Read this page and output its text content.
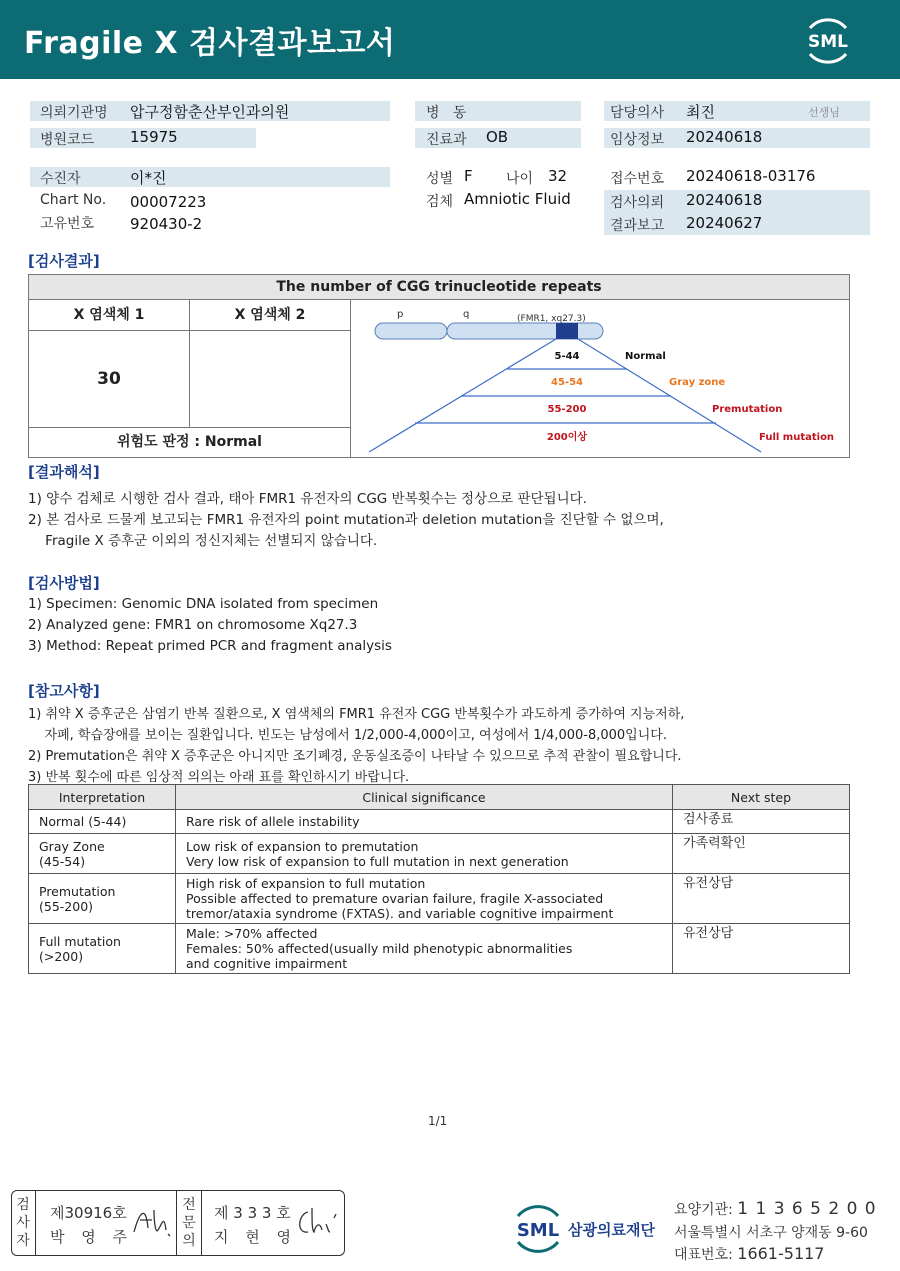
Fragile X 검사결과보고서	SML
의뢰기관명 압구정함춘산부인과의원
병원코드 15975
수진자	이*진
Chart No. 00007223
고유번호 920430-2
병   동
진료과 OB
성별 F 나이 32
검체 Amniotic Fluid
담당의사 최진	선생님
임상정보 20240618
접수번호 20240618-03176
검사의뢰 20240618
결과보고 20240627
[검사결과]
The number of CGG trinucleotide repeats
X 염색체 1	X 염색체 2
30
위험도 판정 : Normal
p	q	(FMR1, xq27.3)
5-44	Normal
45-54	Gray zone
55-200	Premutation
200이상	Full mutation
[결과해석]
1) 양수 검체로 시행한 검사 결과, 태아 FMR1 유전자의 CGG 반복횟수는 정상으로 판단됩니다.
2) 본 검사로 드물게 보고되는 FMR1 유전자의 point mutation과 deletion mutation을 진단할 수 없으며,
Fragile X 증후군 이외의 정신지체는 선별되지 않습니다.
[검사방법]
1) Specimen: Genomic DNA isolated from specimen
2) Analyzed gene: FMR1 on chromosome Xq27.3
3) Method: Repeat primed PCR and fragment analysis
[참고사항]
1) 취약 X 증후군은 삼염기 반복 질환으로, X 염색체의 FMR1 유전자 CGG 반복횟수가 과도하게 증가하여 지능저하,
자폐, 학습장애를 보이는 질환입니다. 빈도는 남성에서 1/2,000-4,000이고, 여성에서 1/4,000-8,000입니다.
2) Premutation은 취약 X 증후군은 아니지만 조기폐경, 운동실조증이 나타날 수 있으므로 추적 관찰이 필요합니다.
3) 반복 횟수에 따른 임상적 의의는 아래 표를 확인하시기 바랍니다.
Interpretation	Clinical significance	Next step
Normal (5-44)	Rare risk of allele instability	검사종료
Gray Zone
(45-54)	Low risk of expansion to premutation
Very low risk of expansion to full mutation in next generation	가족력확인
Premutation
(55-200)	High risk of expansion to full mutation
Possible affected to premature ovarian failure, fragile X-associated
tremor/ataxia syndrome (FXTAS). and variable cognitive impairment	유전상담
Full mutation
(>200)	Male: >70% affected
Females: 50% affected(usually mild phenotypic abnormalities
and cognitive impairment	유전상담
1/1
검
사
자
전
문
의
제30916호
박 영 주
제 3 3 3 호
지 현 영	SML 삼광의료재단
요양기관: 1 1 3 6 5 2 0 0
서울특별시 서초구 양재동 9-60
대표번호: 1661-5117
